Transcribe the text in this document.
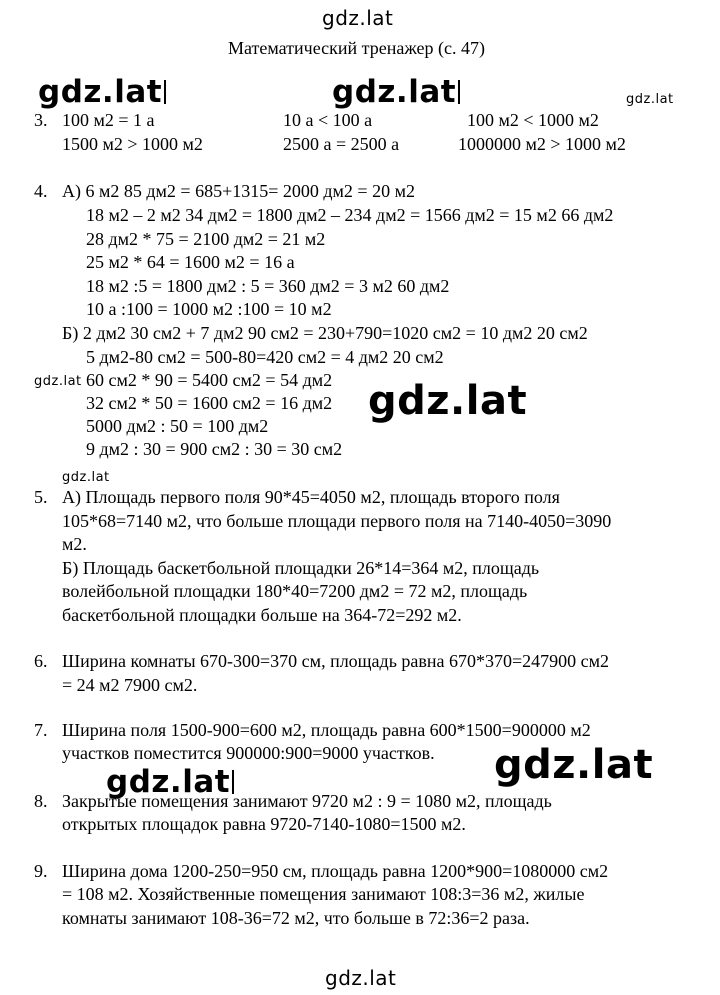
gdz.lat
Математический тренажер (с. 47)
gdz.lat	gdz.lat	gdz.lat
gdz.lat	gdz.lat
gdz.lat
gdz.lat	gdz.lat
gdz.lat
3. 100 м2 = 1 а	10 а < 100 а	100 м2 < 1000 м2
1500 м2 > 1000 м2	2500 а = 2500 а	1000000 м2 > 1000 м2
4. А) 6 м2 85 дм2 = 685+1315= 2000 дм2 = 20 м2
18 м2 – 2 м2 34 дм2 = 1800 дм2 – 234 дм2 = 1566 дм2 = 15 м2 66 дм2
28 дм2 * 75 = 2100 дм2 = 21 м2
25 м2 * 64 = 1600 м2 = 16 а
18 м2 :5 = 1800 дм2 : 5 = 360 дм2 = 3 м2 60 дм2
10 а :100 = 1000 м2 :100 = 10 м2
Б) 2 дм2 30 см2 + 7 дм2 90 см2 = 230+790=1020 см2 = 10 дм2 20 см2
5 дм2-80 см2 = 500-80=420 см2 = 4 дм2 20 см2
60 см2 * 90 = 5400 см2 = 54 дм2
32 см2 * 50 = 1600 см2 = 16 дм2
5000 дм2 : 50 = 100 дм2
9 дм2 : 30 = 900 см2 : 30 = 30 см2
5. А) Площадь первого поля 90*45=4050 м2, площадь второго поля
105*68=7140 м2, что больше площади первого поля на 7140-4050=3090
м2.
Б) Площадь баскетбольной площадки 26*14=364 м2, площадь
волейбольной площадки 180*40=7200 дм2 = 72 м2, площадь
баскетбольной площадки больше на 364-72=292 м2.
6. Ширина комнаты 670-300=370 см, площадь равна 670*370=247900 см2
= 24 м2 7900 см2.
7. Ширина поля 1500-900=600 м2, площадь равна 600*1500=900000 м2
участков поместится 900000:900=9000 участков.
8. Закрытые помещения занимают 9720 м2 : 9 = 1080 м2, площадь
открытых площадок равна 9720-7140-1080=1500 м2.
9. Ширина дома 1200-250=950 см, площадь равна 1200*900=1080000 см2
= 108 м2. Хозяйственные помещения занимают 108:3=36 м2, жилые
комнаты занимают 108-36=72 м2, что больше в 72:36=2 раза.
